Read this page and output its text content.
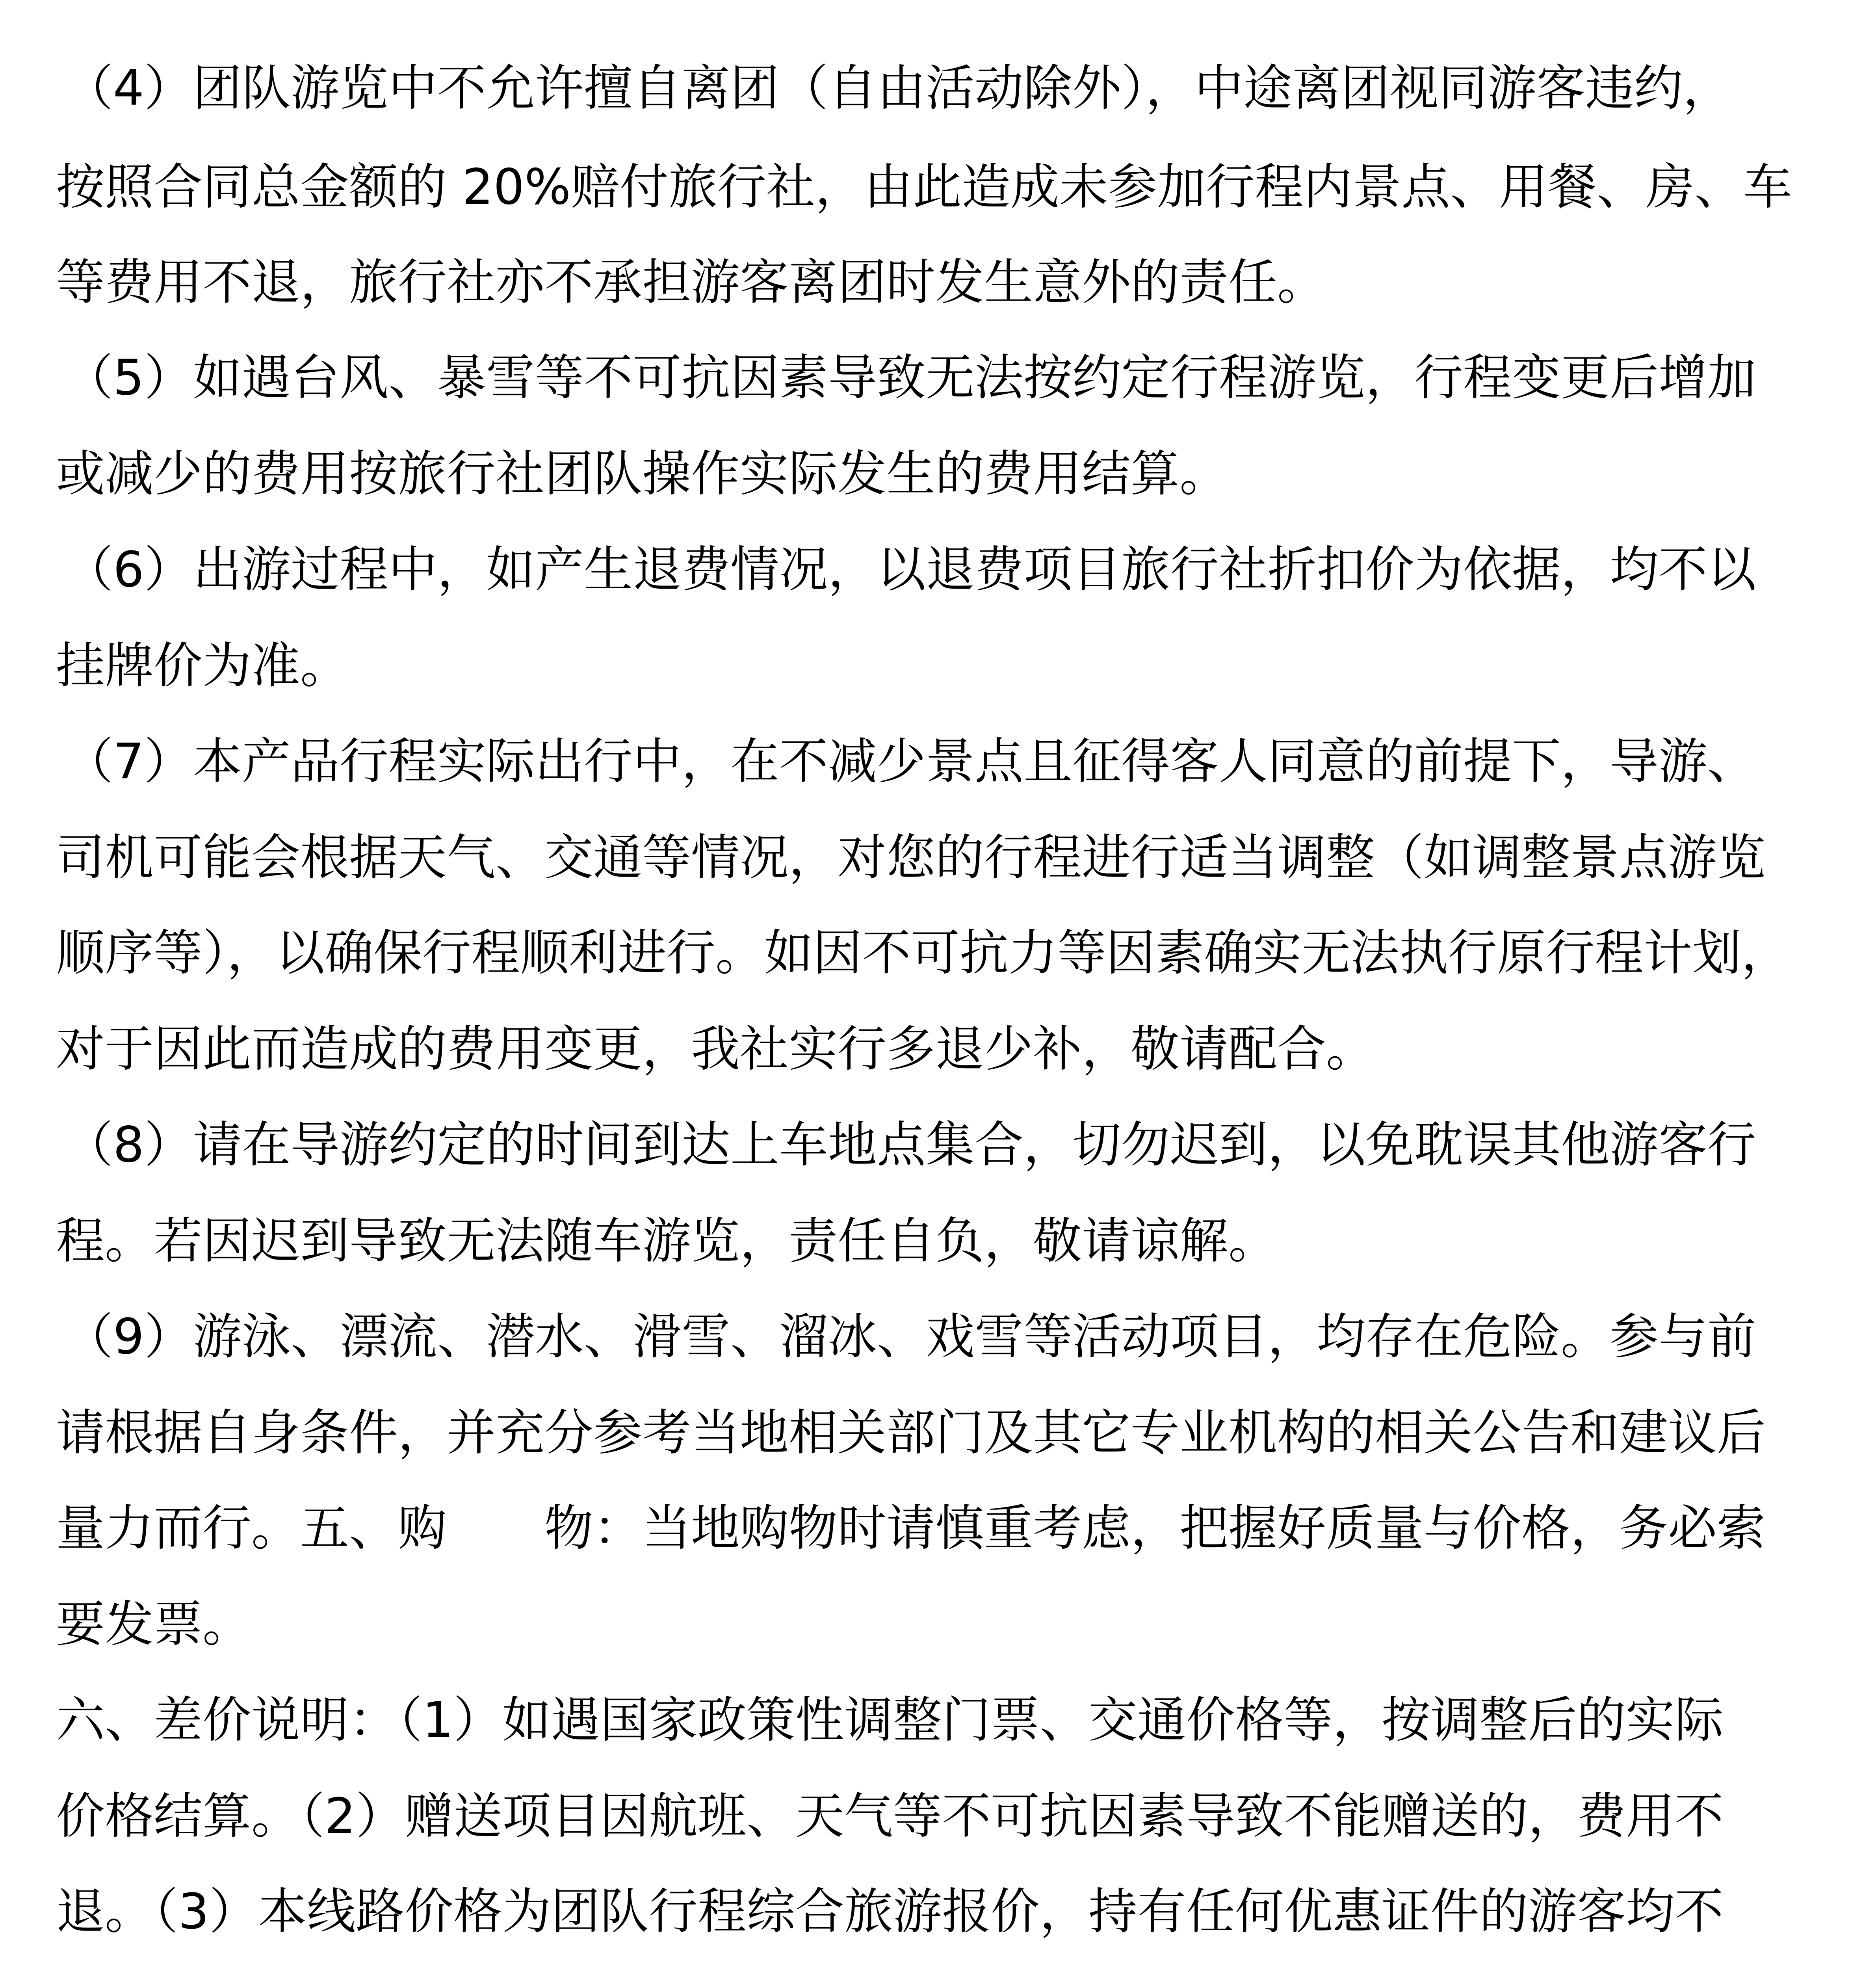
（4）团队游览中不允许擅自离团（自由活动除外），中途离团视同游客违约，
按照合同总金额的 20%赔付旅行社，由此造成未参加行程内景点、用餐、房、车
等费用不退，旅行社亦不承担游客离团时发生意外的责任。
（5）如遇台风、暴雪等不可抗因素导致无法按约定行程游览，行程变更后增加
或减少的费用按旅行社团队操作实际发生的费用结算。
（6）出游过程中，如产生退费情况，以退费项目旅行社折扣价为依据，均不以
挂牌价为准。
（7）本产品行程实际出行中，在不减少景点且征得客人同意的前提下，导游、
司机可能会根据天气、交通等情况，对您的行程进行适当调整（如调整景点游览
顺序等），以确保行程顺利进行。如因不可抗力等因素确实无法执行原行程计划，
对于因此而造成的费用变更，我社实行多退少补，敬请配合。
（8）请在导游约定的时间到达上车地点集合，切勿迟到，以免耽误其他游客行
程。若因迟到导致无法随车游览，责任自负，敬请谅解。
（9）游泳、漂流、潜水、滑雪、溜冰、戏雪等活动项目，均存在危险。参与前
请根据自身条件，并充分参考当地相关部门及其它专业机构的相关公告和建议后
量力而行。五、购　　物：当地购物时请慎重考虑，把握好质量与价格，务必索
要发票。
六、差价说明：（1）如遇国家政策性调整门票、交通价格等，按调整后的实际
价格结算。（2）赠送项目因航班、天气等不可抗因素导致不能赠送的，费用不
退。（3）本线路价格为团队行程综合旅游报价，持有任何优惠证件的游客均不
